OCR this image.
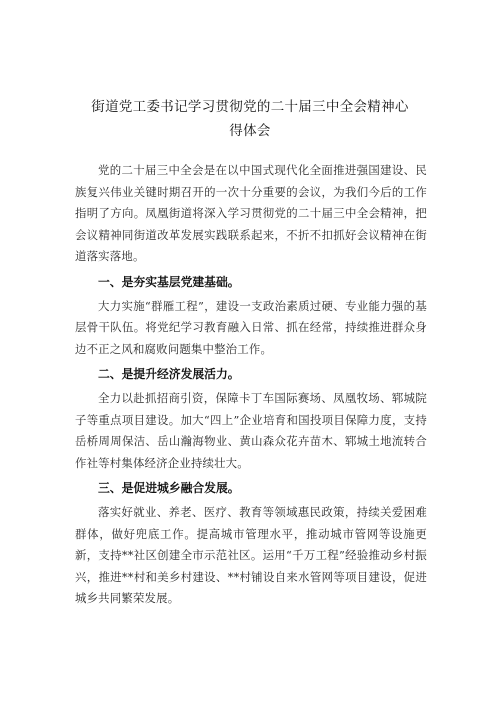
街道党工委书记学习贯彻党的二十届三中全会精神心
得体会

党的二十届三中全会是在以中国式现代化全面推进强国建设、民族复兴伟业关键时期召开的一次十分重要的会议，为我们今后的工作指明了方向。凤凰街道将深入学习贯彻党的二十届三中全会精神，把会议精神同街道改革发展实践联系起来，不折不扣抓好会议精神在街道落实落地。

一、是夯实基层党建基础。

大力实施“群雁工程”，建设一支政治素质过硬、专业能力强的基层骨干队伍。将党纪学习教育融入日常、抓在经常，持续推进群众身边不正之风和腐败问题集中整治工作。

二、是提升经济发展活力。

全力以赴抓招商引资，保障卡丁车国际赛场、凤凰牧场、郓城院子等重点项目建设。加大“四上”企业培育和国投项目保障力度，支持岳桥周周保洁、岳山瀚海物业、黄山森众花卉苗木、郓城土地流转合作社等村集体经济企业持续壮大。

三、是促进城乡融合发展。

落实好就业、养老、医疗、教育等领域惠民政策，持续关爱困难群体，做好兜底工作。提高城市管理水平，推动城市管网等设施更新，支持**社区创建全市示范社区。运用“千万工程”经验推动乡村振兴，推进**村和美乡村建设、**村铺设自来水管网等项目建设，促进城乡共同繁荣发展。
